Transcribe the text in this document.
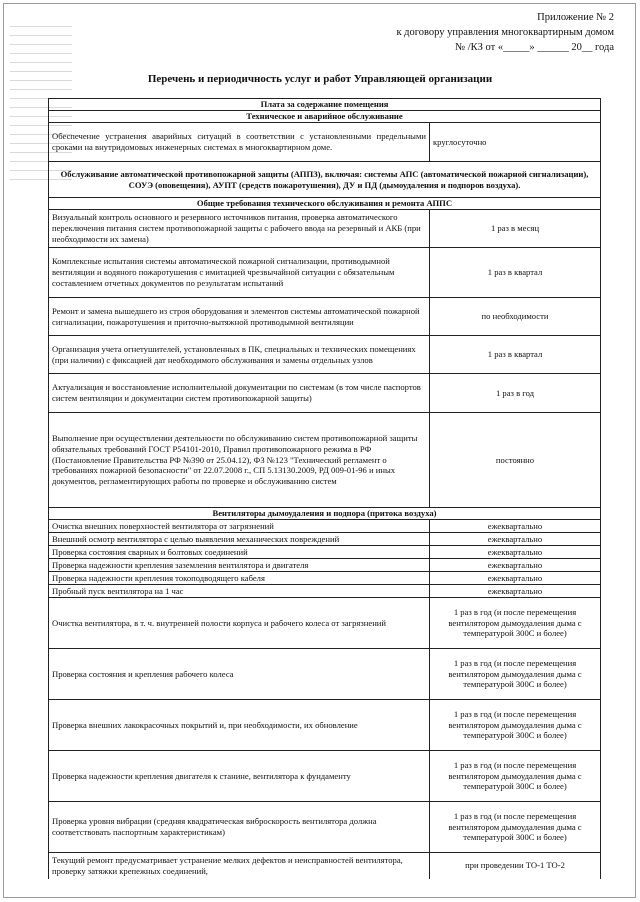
Приложение № 2
к договору управления многоквартирным домом
№ /КЗ от «_____» ______ 20__ года
Перечень и периодичность услуг и работ Управляющей организации
Плата за содержание помещения	
Техническое и аварийное обслуживание	
Обеспечение устранения аварийных ситуаций в соответствии с установленными предельными сроками на внутридомовых инженерных системах в многоквартирном доме.	круглосуточно
Обслуживание автоматической противопожарной защиты (АППЗ), включая: системы АПС (автоматической пожарной сигнализации), СОУЭ (оповещения), АУПТ (средств пожаротушения), ДУ и ПД (дымоудаления и подпоров воздуха).	
Общие требования технического обслуживания и ремонта АППС	
Визуальный контроль основного и резервного источников питания, проверка автоматического переключения питания систем противопожарной защиты с рабочего ввода на резервный и АКБ (при необходимости их замена)	1 раз в месяц
Комплексные испытания системы автоматической пожарной сигнализации, противодымной вентиляции и водяного пожаротушения с имитацией чрезвычайной ситуации с обязательным составлением отчетных документов по результатам испытаний	1 раз в квартал
Ремонт и замена вышедшего из строя оборудования и элементов системы автоматической пожарной сигнализации, пожаротушения и приточно-вытяжной противодымной вентиляции	по необходимости
Организация учета огнетушителей, установленных в ПК, специальных и технических помещениях (при наличии) с фиксацией дат необходимого обслуживания и замены отдельных узлов	1 раз в квартал
Актуализация и восстановление исполнительной документации по системам (в том числе паспортов систем вентиляции и документации систем противопожарной защиты)	1 раз в год
Выполнение при осуществлении деятельности по обслуживанию систем противопожарной защиты обязательных требований ГОСТ Р54101-2010, Правил противопожарного режима в РФ (Постановление Правительства РФ №390 от 25.04.12), ФЗ №123 "Технический регламент о требованиях пожарной безопасности" от 22.07.2008 г., СП 5.13130.2009, РД 009-01-96 и иных документов, регламентирующих работы по проверке и обслуживанию систем	постоянно
Вентиляторы дымоудаления и подпора (притока воздуха)	
Очистка внешних поверхностей вентилятора от загрязнений	ежеквартально
Внешний осмотр вентилятора с целью выявления механических повреждений	ежеквартально
Проверка состояния сварных и болтовых соединений	ежеквартально
Проверка надежности крепления заземления вентилятора и двигателя	ежеквартально
Проверка надежности крепления токоподводящего кабеля	ежеквартально
Пробный пуск вентилятора на 1 час	ежеквартально
Очистка вентилятора, в т. ч. внутренней полости корпуса и рабочего колеса от загрязнений	1 раз в год (и после перемещения вентилятором дымоудаления дыма с температурой 300С и более)
Проверка состояния и крепления рабочего колеса	1 раз в год (и после перемещения вентилятором дымоудаления дыма с температурой 300С и более)
Проверка внешних лакокрасочных покрытий и, при необходимости, их обновление	1 раз в год (и после перемещения вентилятором дымоудаления дыма с температурой 300С и более)
Проверка надежности крепления двигателя к станине, вентилятора к фундаменту	1 раз в год (и после перемещения вентилятором дымоудаления дыма с температурой 300С и более)
Проверка уровня вибрации (средняя квадратическая виброскорость вентилятора должна соответствовать паспортным характеристикам)	1 раз в год (и после перемещения вентилятором дымоудаления дыма с температурой 300С и более)
Текущий ремонт предусматривает устранение мелких дефектов и неисправностей вентилятора, проверку затяжки крепежных соединений,	при проведении ТО-1 ТО-2
